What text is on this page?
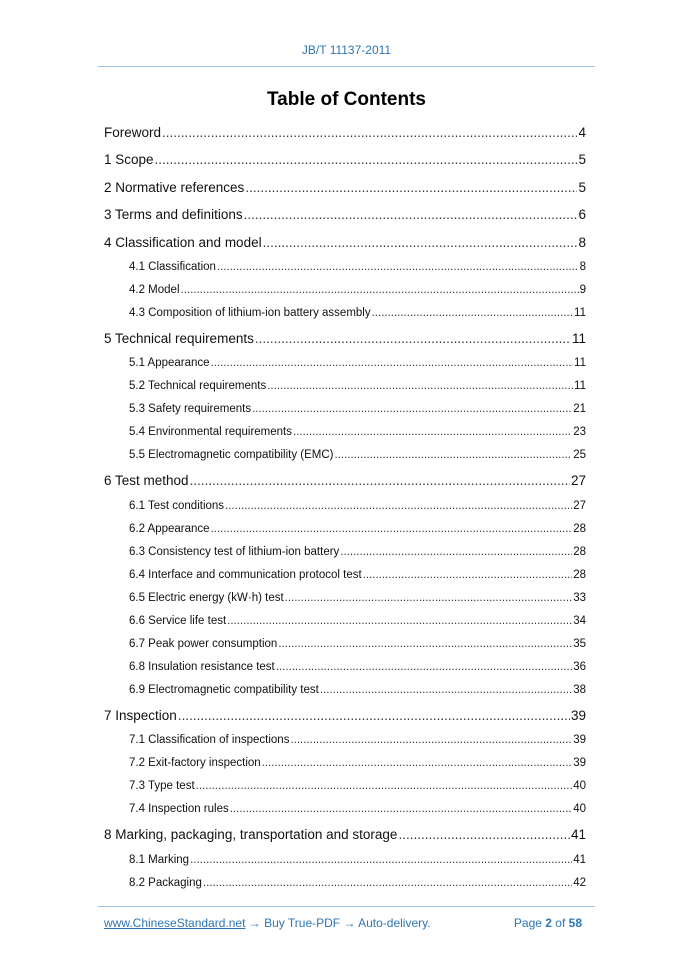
JB/T 11137-2011
Table of Contents
Foreword .....	4
1 Scope .....	5
2 Normative references .....	5
3 Terms and definitions .....	6
4 Classification and model .....	8
4.1 Classification .....	8
4.2 Model .....	9
4.3 Composition of lithium-ion battery assembly .....	11
5 Technical requirements .....	11
5.1 Appearance .....	11
5.2 Technical requirements .....	11
5.3 Safety requirements .....	21
5.4 Environmental requirements .....	23
5.5 Electromagnetic compatibility (EMC) .....	25
6 Test method .....	27
6.1 Test conditions .....	27
6.2 Appearance .....	28
6.3 Consistency test of lithium-ion battery .....	28
6.4 Interface and communication protocol test .....	28
6.5 Electric energy (kW·h) test .....	33
6.6 Service life test .....	34
6.7 Peak power consumption .....	35
6.8 Insulation resistance test .....	36
6.9 Electromagnetic compatibility test .....	38
7 Inspection .....	39
7.1 Classification of inspections .....	39
7.2 Exit-factory inspection .....	39
7.3 Type test .....	40
7.4 Inspection rules .....	40
8 Marking, packaging, transportation and storage .....	41
8.1 Marking .....	41
8.2 Packaging .....	42
www.ChineseStandard.net → Buy True-PDF → Auto-delivery.	Page 2 of 58
